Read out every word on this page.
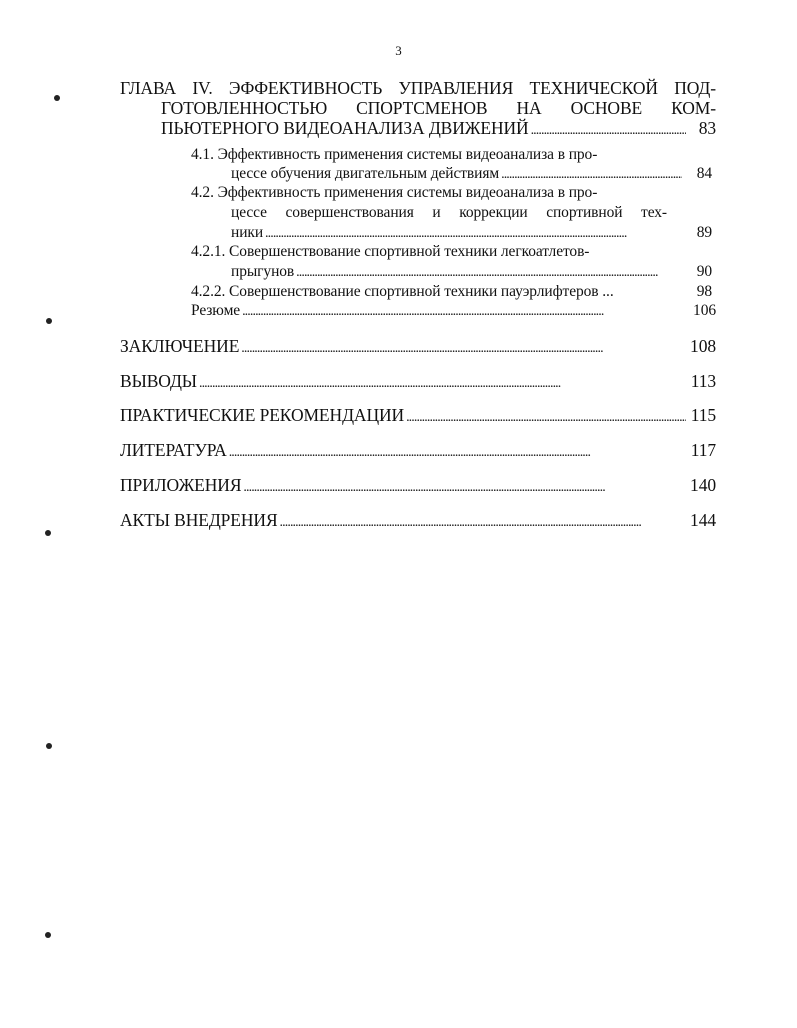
3
ГЛАВА IV. ЭФФЕКТИВНОСТЬ УПРАВЛЕНИЯ ТЕХНИЧЕСКОЙ ПОД-
ГОТОВЛЕННОСТЬЮ СПОРТСМЕНОВ НА ОСНОВЕ КОМ-
ПЬЮТЕРНОГО ВИДЕОАНАЛИЗА ДВИЖЕНИЙ . . .	83
4.1. Эффективность применения системы видеоанализа в про-
цессе обучения двигательным действиям . . .	84
4.2. Эффективность применения системы видеоанализа в про-
цессе совершенствования и коррекции спортивной тех-
ники . . .	89
4.2.1. Совершенствование спортивной техники легкоатлетов-
прыгунов . . .	90
4.2.2. Совершенствование спортивной техники пауэрлифтеров ...	98
Резюме . . .	106
ЗАКЛЮЧЕНИЕ . . .	108
ВЫВОДЫ . . .	113
ПРАКТИЧЕСКИЕ РЕКОМЕНДАЦИИ . . .	115
ЛИТЕРАТУРА . . .	117
ПРИЛОЖЕНИЯ . . .	140
АКТЫ ВНЕДРЕНИЯ . . .	144
